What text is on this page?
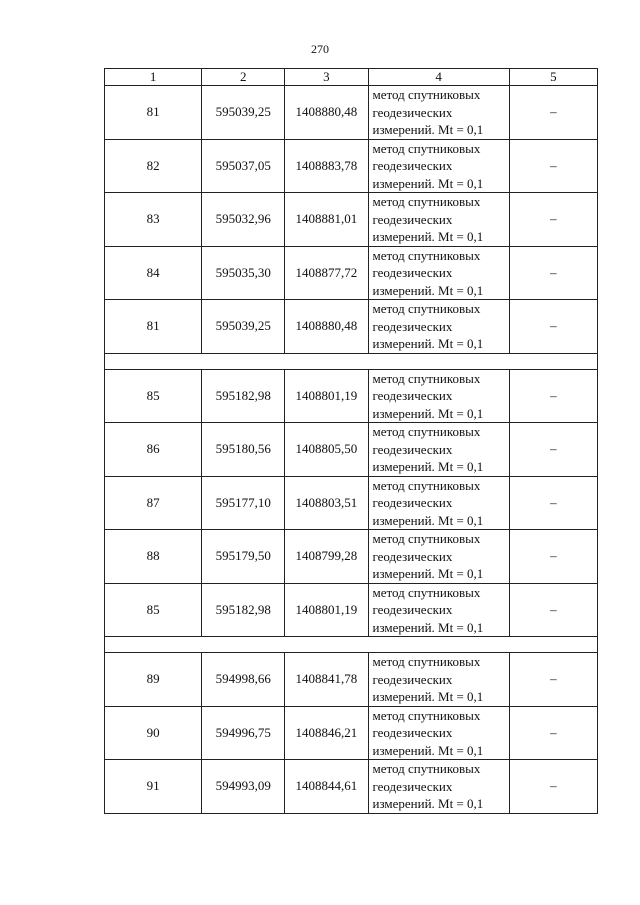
270
1	2	3	4	5
81	595039,25	1408880,48	метод спутниковых
геодезических
измерений. Mt = 0,1	–
82	595037,05	1408883,78	метод спутниковых
геодезических
измерений. Mt = 0,1	–
83	595032,96	1408881,01	метод спутниковых
геодезических
измерений. Mt = 0,1	–
84	595035,30	1408877,72	метод спутниковых
геодезических
измерений. Mt = 0,1	–
81	595039,25	1408880,48	метод спутниковых
геодезических
измерений. Mt = 0,1	–

85	595182,98	1408801,19	метод спутниковых
геодезических
измерений. Mt = 0,1	–
86	595180,56	1408805,50	метод спутниковых
геодезических
измерений. Mt = 0,1	–
87	595177,10	1408803,51	метод спутниковых
геодезических
измерений. Mt = 0,1	–
88	595179,50	1408799,28	метод спутниковых
геодезических
измерений. Mt = 0,1	–
85	595182,98	1408801,19	метод спутниковых
геодезических
измерений. Mt = 0,1	–

89	594998,66	1408841,78	метод спутниковых
геодезических
измерений. Mt = 0,1	–
90	594996,75	1408846,21	метод спутниковых
геодезических
измерений. Mt = 0,1	–
91	594993,09	1408844,61	метод спутниковых
геодезических
измерений. Mt = 0,1	–
